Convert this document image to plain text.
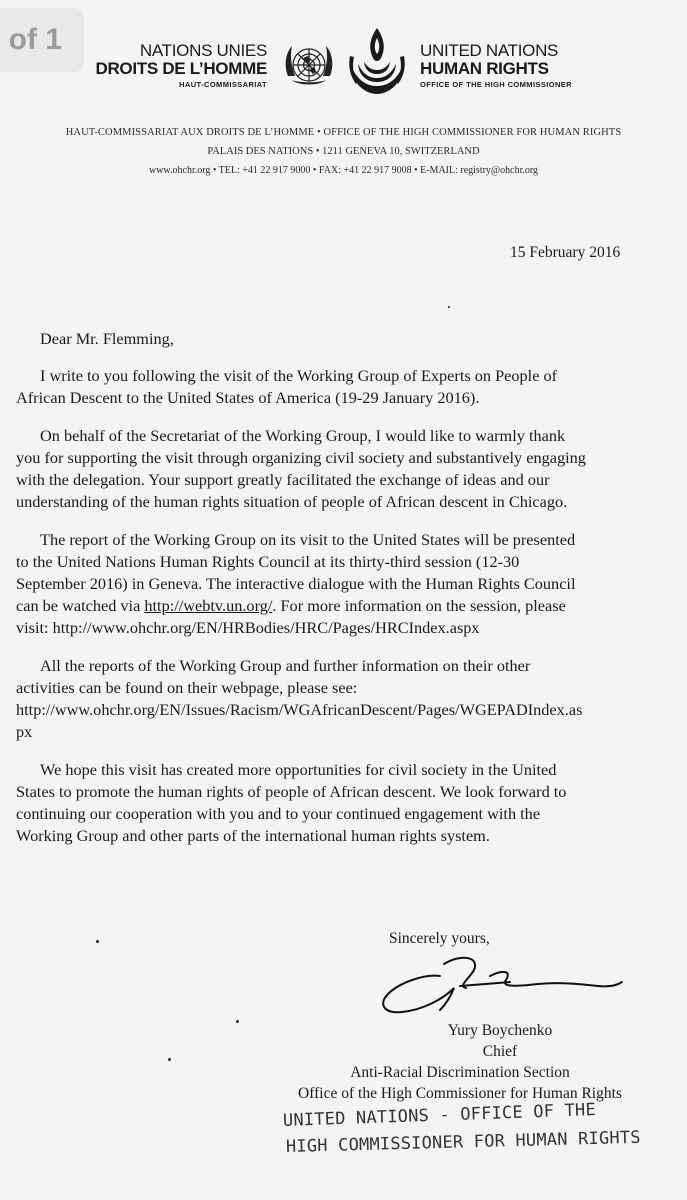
of 1	NATIONS UNIES
DROITS DE L’HOMME
HAUT-COMMISSARIAT
UNITED NATIONS
HUMAN RIGHTS
OFFICE OF THE HIGH COMMISSIONER
HAUT-COMMISSARIAT AUX DROITS DE L’HOMME • OFFICE OF THE HIGH COMMISSIONER FOR HUMAN RIGHTS
PALAIS DES NATIONS • 1211 GENEVA 10, SWITZERLAND
www.ohchr.org • TEL: +41 22 917 9000 • FAX: +41 22 917 9008 • E-MAIL: registry@ohchr.org
15 February 2016
Dear Mr. Flemming,
I write to you following the visit of the Working Group of Experts on People of
African Descent to the United States of America (19-29 January 2016).
On behalf of the Secretariat of the Working Group, I would like to warmly thank
you for supporting the visit through organizing civil society and substantively engaging
with the delegation. Your support greatly facilitated the exchange of ideas and our
understanding of the human rights situation of people of African descent in Chicago.
The report of the Working Group on its visit to the United States will be presented
to the United Nations Human Rights Council at its thirty-third session (12-30
September 2016) in Geneva. The interactive dialogue with the Human Rights Council
can be watched via http://webtv.un.org/. For more information on the session, please
visit: http://www.ohchr.org/EN/HRBodies/HRC/Pages/HRCIndex.aspx
All the reports of the Working Group and further information on their other
activities can be found on their webpage, please see:
http://www.ohchr.org/EN/Issues/Racism/WGAfricanDescent/Pages/WGEPADIndex.as
px
We hope this visit has created more opportunities for civil society in the United
States to promote the human rights of people of African descent. We look forward to
continuing our cooperation with you and to your continued engagement with the
Working Group and other parts of the international human rights system.
Sincerely yours,
Yury Boychenko
Chief
Anti-Racial Discrimination Section
Office of the High Commissioner for Human Rights
UNITED NATIONS - OFFICE OF THE
HIGH COMMISSIONER FOR HUMAN RIGHTS
